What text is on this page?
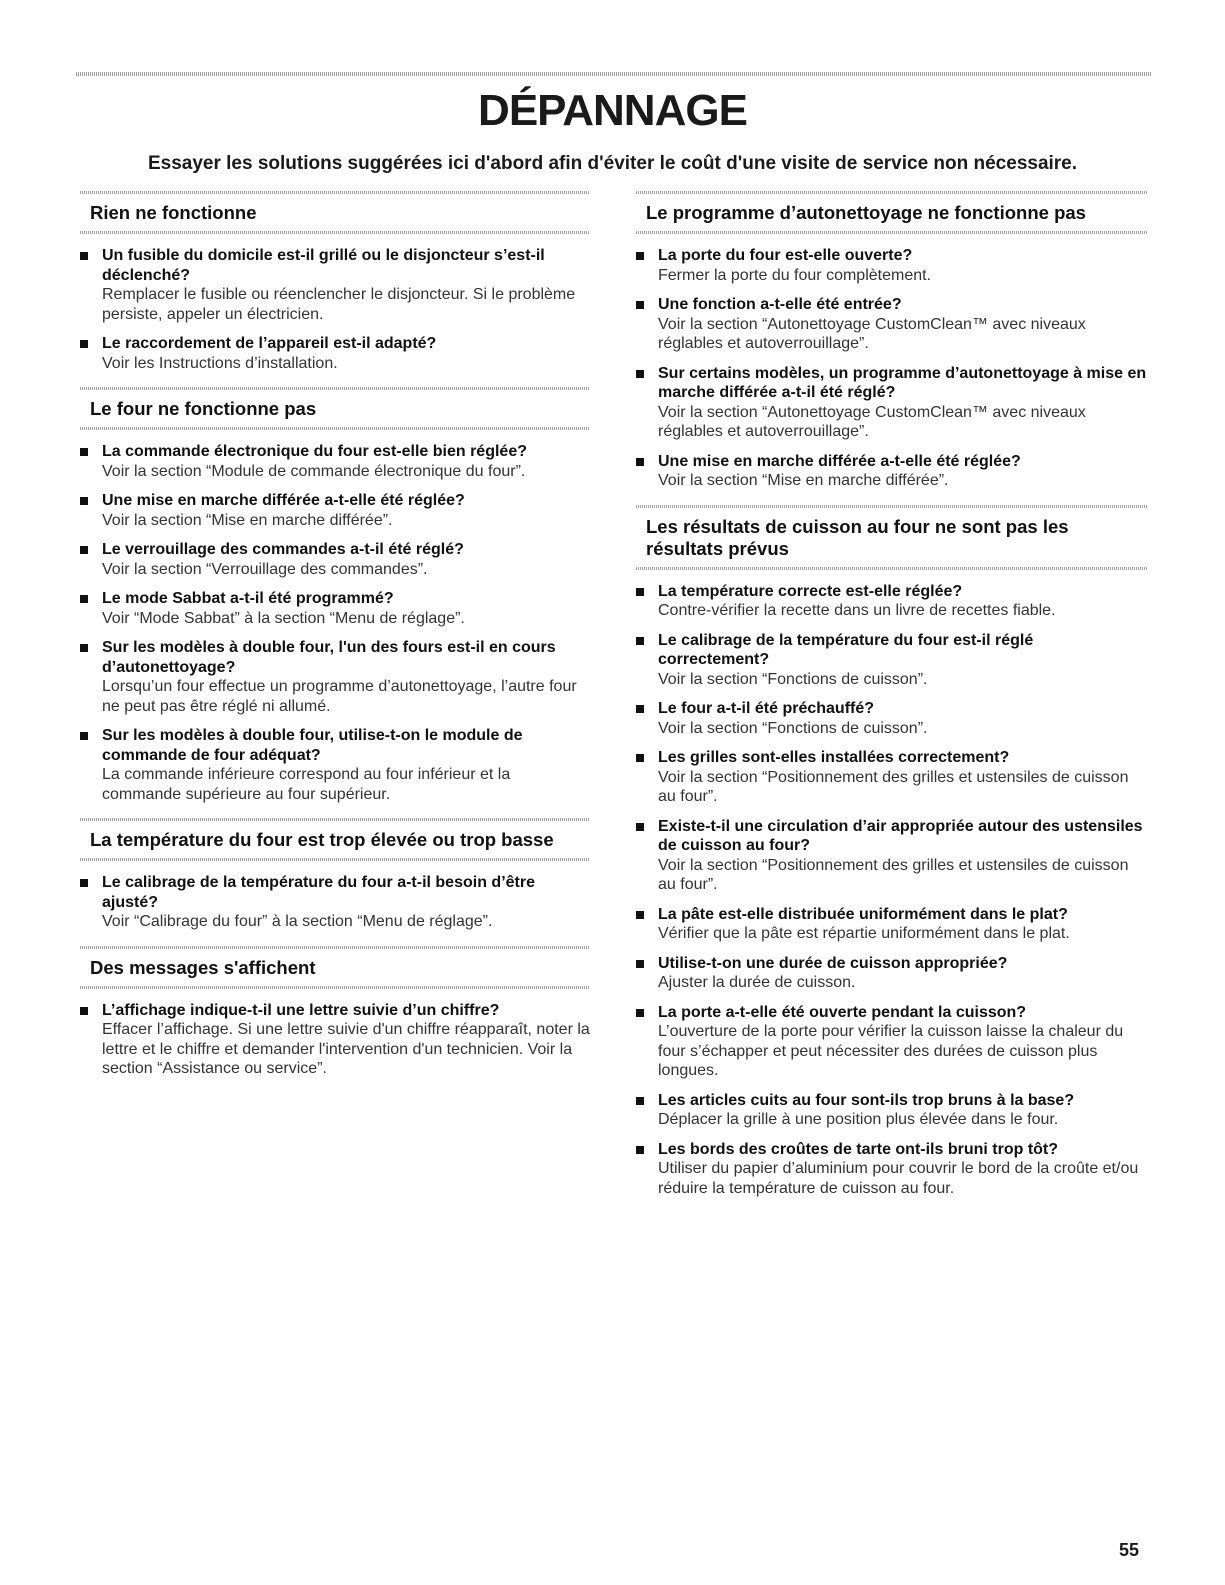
DÉPANNAGE

Essayer les solutions suggérées ici d'abord afin d'éviter le coût d'une visite de service non nécessaire.

Rien ne fonctionne
Un fusible du domicile est-il grillé ou le disjoncteur s’est-il déclenché?
Remplacer le fusible ou réenclencher le disjoncteur. Si le problème persiste, appeler un électricien.
Le raccordement de l’appareil est-il adapté?
Voir les Instructions d’installation.
Le four ne fonctionne pas
La commande électronique du four est-elle bien réglée?
Voir la section “Module de commande électronique du four”.
Une mise en marche différée a-t-elle été réglée?
Voir la section “Mise en marche différée”.
Le verrouillage des commandes a-t-il été réglé?
Voir la section “Verrouillage des commandes”.
Le mode Sabbat a-t-il été programmé?
Voir “Mode Sabbat” à la section “Menu de réglage”.
Sur les modèles à double four, l'un des fours est-il en cours d’autonettoyage?
Lorsqu’un four effectue un programme d’autonettoyage, l’autre four ne peut pas être réglé ni allumé.
Sur les modèles à double four, utilise-t-on le module de commande de four adéquat?
La commande inférieure correspond au four inférieur et la commande supérieure au four supérieur.
La température du four est trop élevée ou trop basse
Le calibrage de la température du four a-t-il besoin d’être ajusté?
Voir “Calibrage du four” à la section “Menu de réglage”.
Des messages s'affichent
L’affichage indique-t-il une lettre suivie d’un chiffre?
Effacer l’affichage. Si une lettre suivie d'un chiffre réapparaît, noter la lettre et le chiffre et demander l'intervention d'un technicien. Voir la section “Assistance ou service”.
Le programme d’autonettoyage ne fonctionne pas
La porte du four est-elle ouverte?
Fermer la porte du four complètement.
Une fonction a-t-elle été entrée?
Voir la section “Autonettoyage CustomClean™ avec niveaux réglables et autoverrouillage”.
Sur certains modèles, un programme d’autonettoyage à mise en marche différée a-t-il été réglé?
Voir la section “Autonettoyage CustomClean™ avec niveaux réglables et autoverrouillage”.
Une mise en marche différée a-t-elle été réglée?
Voir la section “Mise en marche différée”.
Les résultats de cuisson au four ne sont pas les résultats prévus
La température correcte est-elle réglée?
Contre-vérifier la recette dans un livre de recettes fiable.
Le calibrage de la température du four est-il réglé correctement?
Voir la section “Fonctions de cuisson”.
Le four a-t-il été préchauffé?
Voir la section “Fonctions de cuisson”.
Les grilles sont-elles installées correctement?
Voir la section “Positionnement des grilles et ustensiles de cuisson au four”.
Existe-t-il une circulation d’air appropriée autour des ustensiles de cuisson au four?
Voir la section “Positionnement des grilles et ustensiles de cuisson au four”.
La pâte est-elle distribuée uniformément dans le plat?
Vérifier que la pâte est répartie uniformément dans le plat.
Utilise-t-on une durée de cuisson appropriée?
Ajuster la durée de cuisson.
La porte a-t-elle été ouverte pendant la cuisson?
L’ouverture de la porte pour vérifier la cuisson laisse la chaleur du four s’échapper et peut nécessiter des durées de cuisson plus longues.
Les articles cuits au four sont-ils trop bruns à la base?
Déplacer la grille à une position plus élevée dans le four.
Les bords des croûtes de tarte ont-ils bruni trop tôt?
Utiliser du papier d’aluminium pour couvrir le bord de la croûte et/ou réduire la température de cuisson au four.
55
